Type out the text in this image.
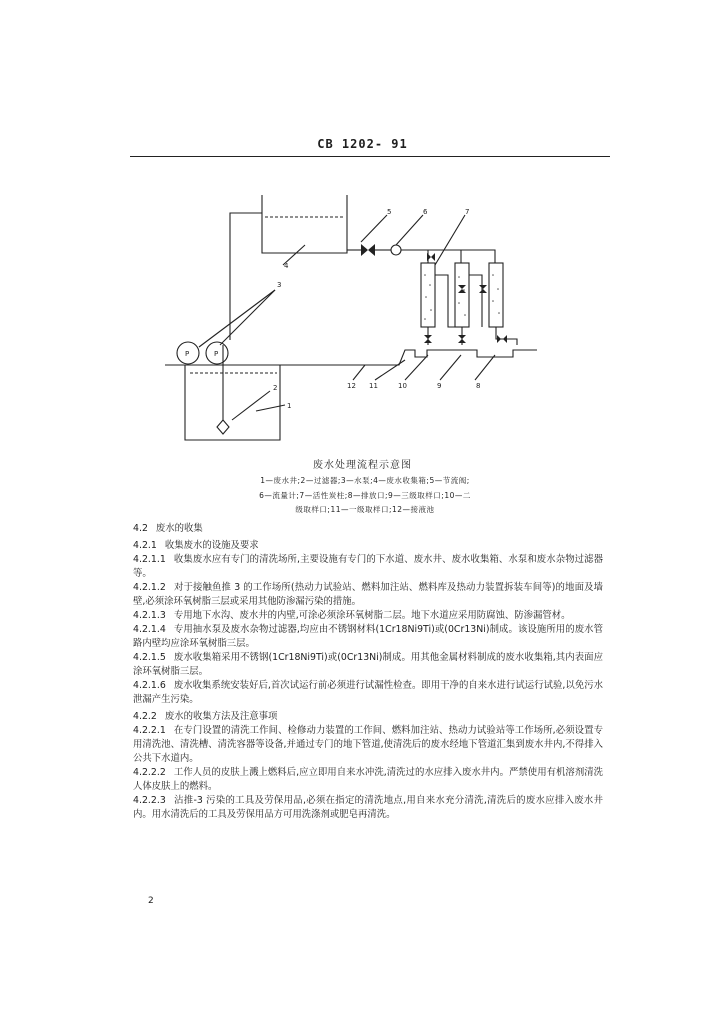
CB 1202- 91
4
3
2
1
5	6	7
8
9
10
11
12
P	P
废水处理流程示意图
1—废水井;2—过滤器;3—水泵;4—废水收集箱;5—节流阀;
6—流量计;7—活性炭柱;8—排放口;9—三级取样口;10—二
级取样口;11—一级取样口;12—接液池

4.2 废水的收集

4.2.1 收集废水的设施及要求

4.2.1.1 收集废水应有专门的清洗场所,主要设施有专门的下水道、废水井、废水收集箱、水泵和废水杂物过滤器等。

4.2.1.2 对于接触鱼推 3 的工作场所(热动力试验站、燃料加注站、燃料库及热动力装置拆装车间等)的地面及墙壁,必须涂环氧树脂三层或采用其他防渗漏污染的措施。

4.2.1.3 专用地下水沟、废水井的内壁,可涂必须涂环氧树脂二层。地下水道应采用防腐蚀、防渗漏管材。

4.2.1.4 专用抽水泵及废水杂物过滤器,均应由不锈钢材料(1Cr18Ni9Ti)或(0Cr13Ni)制成。该设施所用的废水管路内壁均应涂环氧树脂三层。

4.2.1.5 废水收集箱采用不锈钢(1Cr18Ni9Ti)或(0Cr13Ni)制成。用其他金属材料制成的废水收集箱,其内表面应涂环氧树脂三层。

4.2.1.6 废水收集系统安装好后,首次试运行前必须进行试漏性检查。即用干净的自来水进行试运行试验,以免污水泄漏产生污染。

4.2.2 废水的收集方法及注意事项

4.2.2.1 在专门设置的清洗工作间、检修动力装置的工作间、燃料加注站、热动力试验站等工作场所,必须设置专用清洗池、清洗槽、清洗容器等设备,并通过专门的地下管道,使清洗后的废水经地下管道汇集到废水井内,不得排入公共下水道内。

4.2.2.2 工作人员的皮肤上溅上燃料后,应立即用自来水冲洗,清洗过的水应排入废水井内。严禁使用有机溶剂清洗人体皮肤上的燃料。

4.2.2.3 沾推-3 污染的工具及劳保用品,必须在指定的清洗地点,用自来水充分清洗,清洗后的废水应排入废水井内。用水清洗后的工具及劳保用品方可用洗涤剂或肥皂再清洗。

2
